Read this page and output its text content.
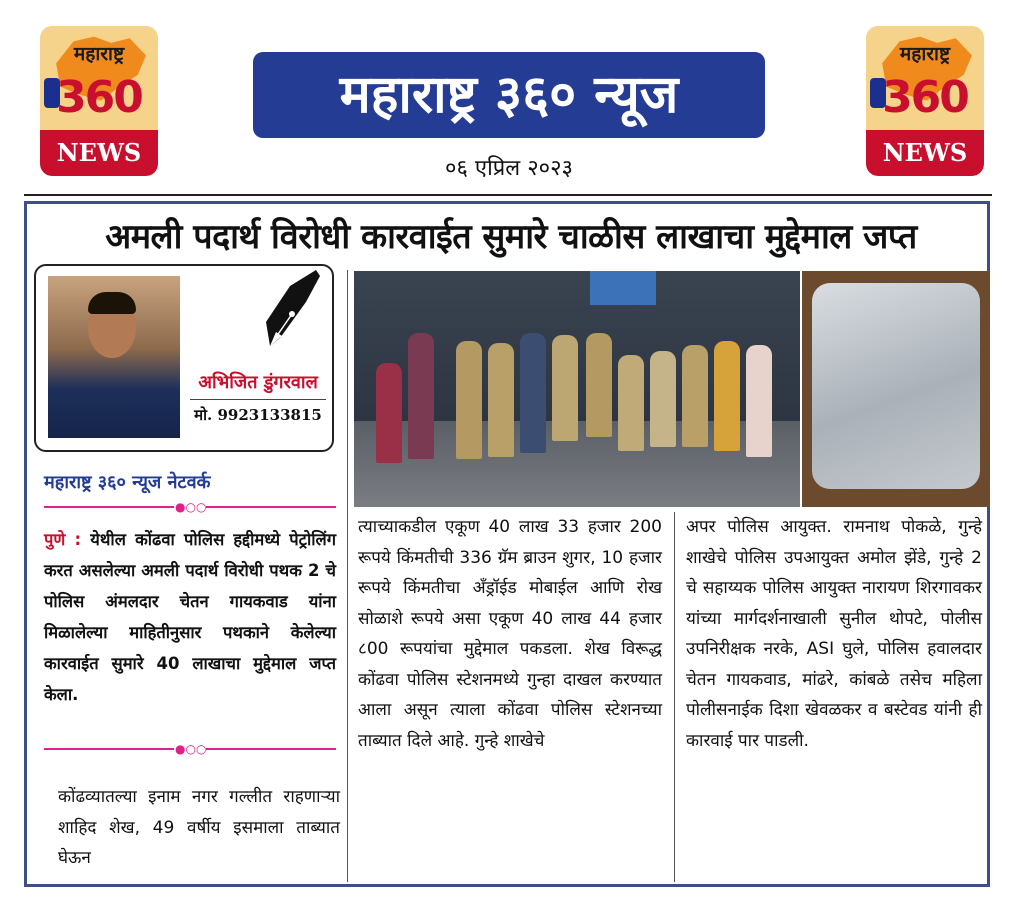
महाराष्ट्र
360
NEWS
महाराष्ट्र
360
NEWS
महाराष्ट्र ३६० न्यूज
०६ एप्रिल २०२३
अमली पदार्थ विरोधी कारवाईत सुमारे चाळीस लाखाचा मुद्देमाल जप्त
अभिजित डुंगरवाल
मो. 9923133815
महाराष्ट्र ३६० न्यूज नेटवर्क
●○○
पुणे : येथील कोंढवा पोलिस हद्दीमध्ये पेट्रोलिंग करत असलेल्या अमली पदार्थ विरोधी पथक 2 चे पोलिस अंमलदार चेतन गायकवाड यांना मिळालेल्या माहितीनुसार पथकाने केलेल्या कारवाईत सुमारे 40 लाखाचा मुद्देमाल जप्त केला.
●○○
कोंढव्यातल्या इनाम नगर गल्लीत राहणाऱ्या शाहिद शेख, 49 वर्षीय इसमाला ताब्यात घेऊन
त्याच्याकडील एकूण 40 लाख 33 हजार 200 रूपये किंमतीची 336 ग्रॅम ब्राउन शुगर, 10 हजार रूपये किंमतीचा अँड्रॉईड मोबाईल आणि रोख सोळाशे रूपये असा एकूण 40 लाख 44 हजार ८00 रूपयांचा मुद्देमाल पकडला. शेख विरूद्ध कोंढवा पोलिस स्टेशनमध्ये गुन्हा दाखल करण्यात आला असून त्याला कोंढवा पोलिस स्टेशनच्या ताब्यात दिले आहे. गुन्हे शाखेचे
अपर पोलिस आयुक्त. रामनाथ पोकळे, गुन्हे शाखेचे पोलिस उपआयुक्त अमोल झेंडे, गुन्हे 2 चे सहाय्यक पोलिस आयुक्त नारायण शिरगावकर यांच्या मार्गदर्शनाखाली सुनील थोपटे, पोलीस उपनिरीक्षक नरके, ASI घुले, पोलिस हवालदार चेतन गायकवाड, मांढरे, कांबळे तसेच महिला पोलीसनाईक दिशा खेवळकर व बस्टेवड यांनी ही कारवाई पार पाडली.
